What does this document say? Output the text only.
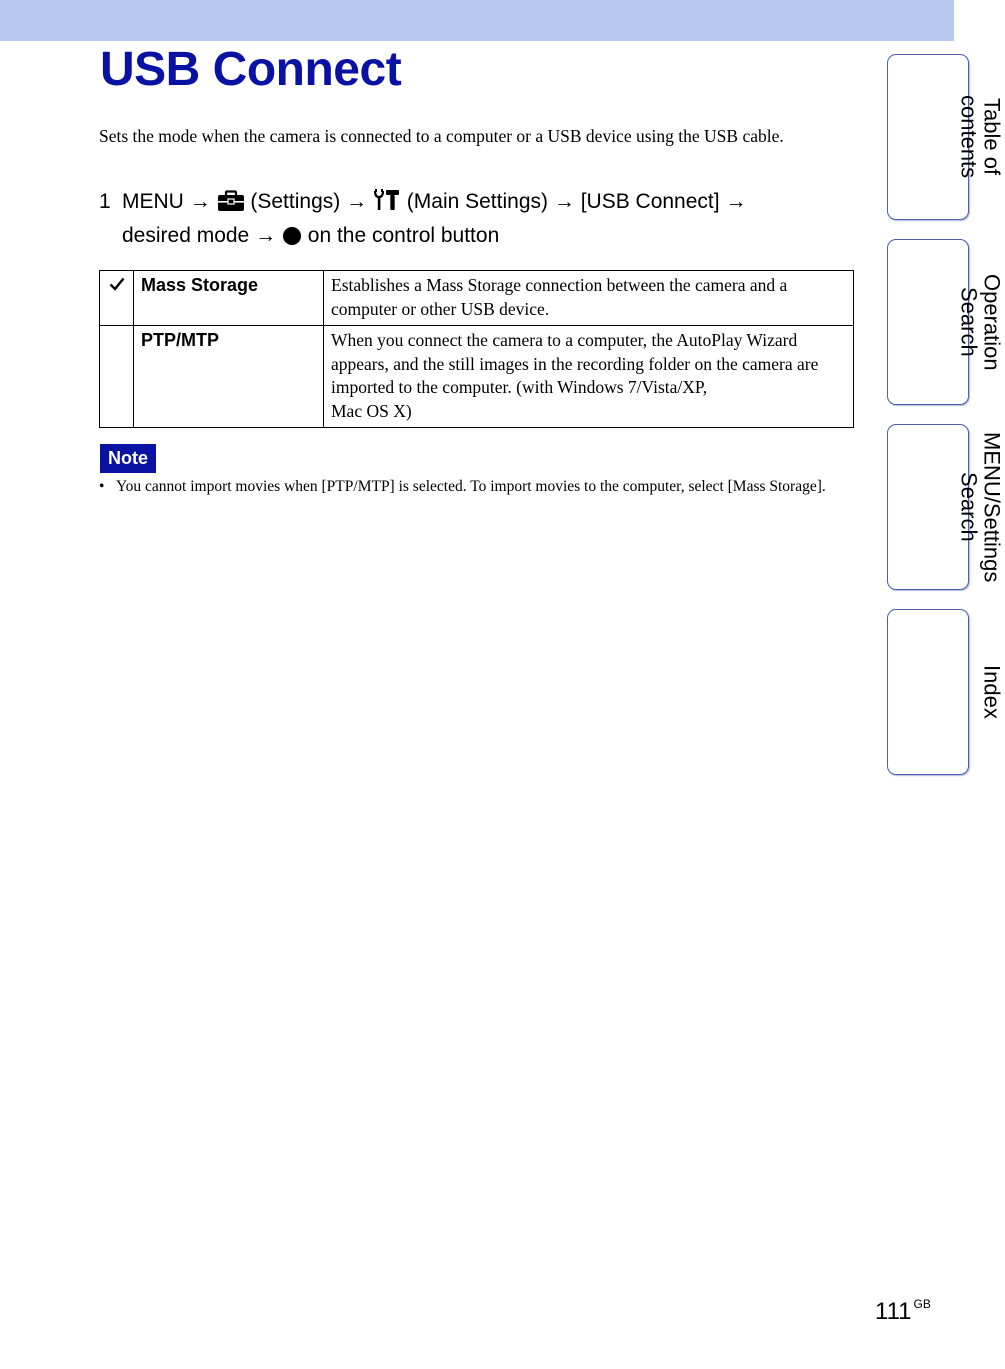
USB Connect

Sets the mode when the camera is connected to a computer or a USB device using the USB cable.

1 MENU → (Settings) → (Main Settings) → [USB Connect] →
desired mode → on the control button
	Mass Storage	Establishes a Mass Storage connection between the camera and a computer or other USB device.
	PTP/MTP	When you connect the camera to a computer, the AutoPlay Wizard appears, and the still images in the recording folder on the camera are imported to the computer. (with Windows 7/Vista/XP,
Mac OS X)
Note
• You cannot import movies when [PTP/MTP] is selected. To import movies to the computer, select [Mass Storage].
Table of contents
Operation Search
MENU/Settings Search
Index
111 $^{GB}$
